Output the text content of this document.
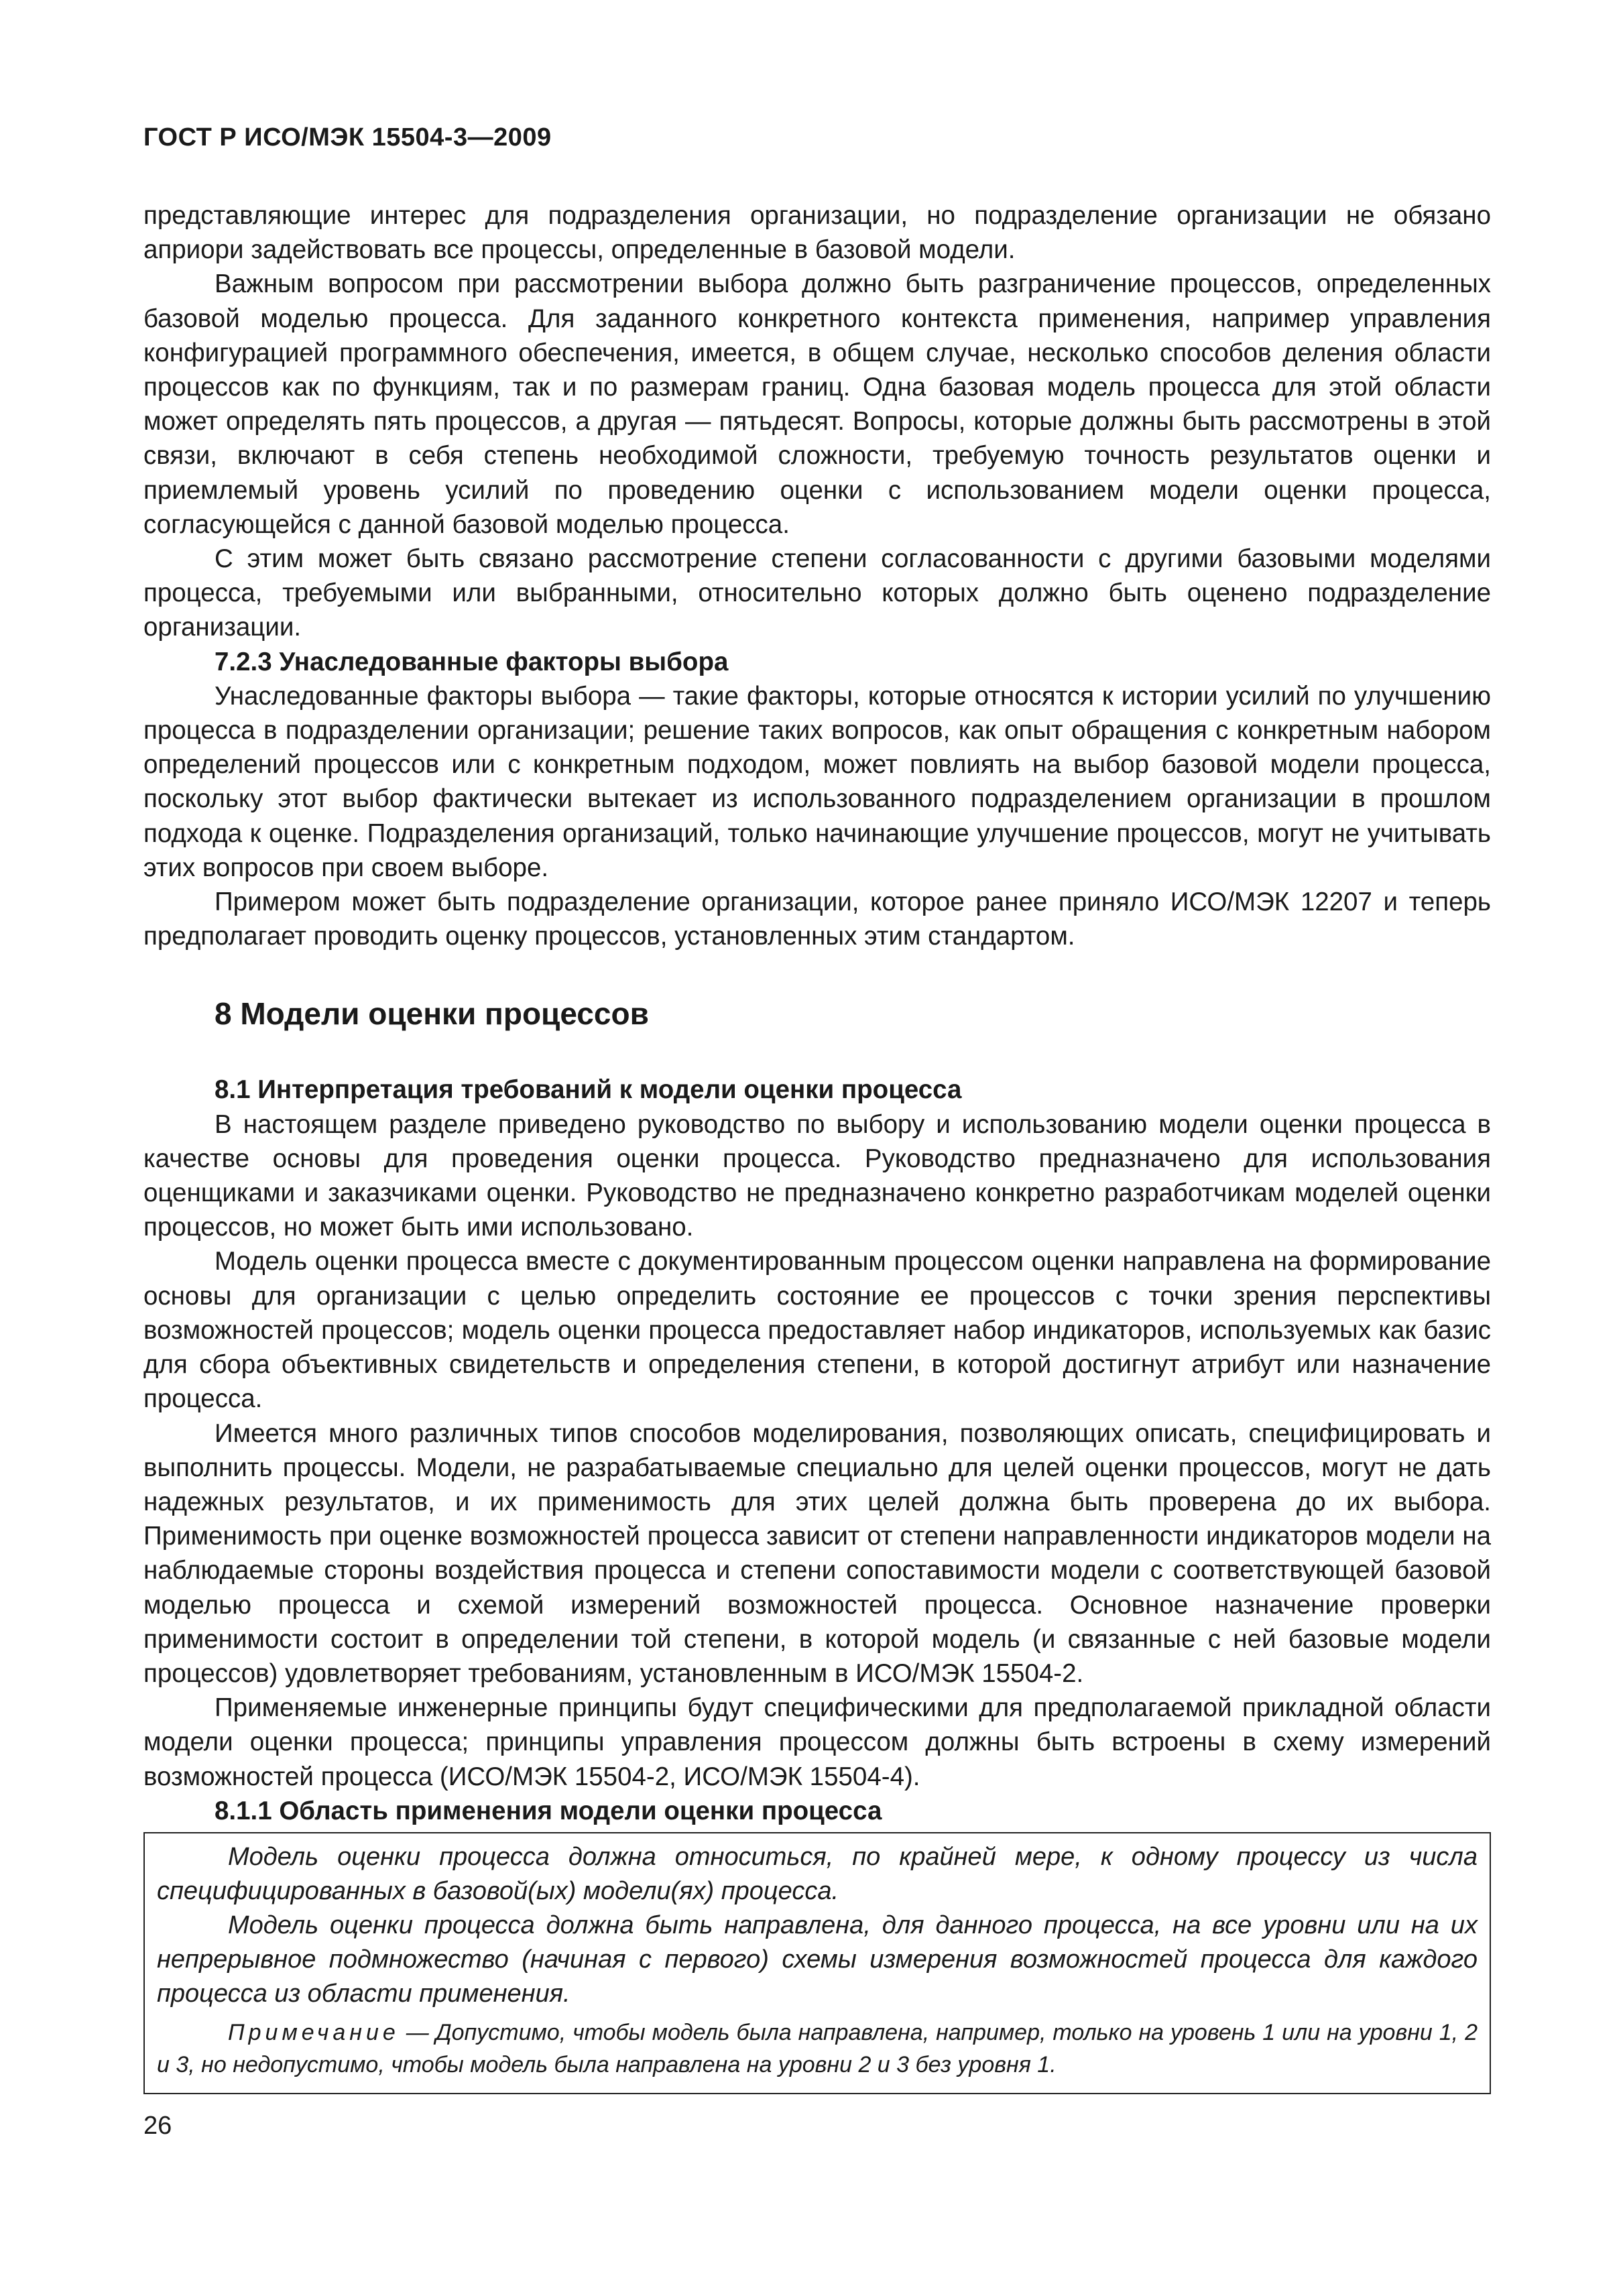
ГОСТ Р ИСО/МЭК 15504-3—2009

представляющие интерес для подразделения организации, но подразделение организации не обязано априори задействовать все процессы, определенные в базовой модели.

Важным вопросом при рассмотрении выбора должно быть разграничение процессов, определенных базовой моделью процесса. Для заданного конкретного контекста применения, например управления конфигурацией программного обеспечения, имеется, в общем случае, несколько способов деления области процессов как по функциям, так и по размерам границ. Одна базовая модель процесса для этой области может определять пять процессов, а другая — пятьдесят. Вопросы, которые должны быть рассмотрены в этой связи, включают в себя степень необходимой сложности, требуемую точность результатов оценки и приемлемый уровень усилий по проведению оценки с использованием модели оценки процесса, согласующейся с данной базовой моделью процесса.

С этим может быть связано рассмотрение степени согласованности с другими базовыми моделями процесса, требуемыми или выбранными, относительно которых должно быть оценено подразделение организации.

7.2.3 Унаследованные факторы выбора

Унаследованные факторы выбора — такие факторы, которые относятся к истории усилий по улучшению процесса в подразделении организации; решение таких вопросов, как опыт обращения с конкретным набором определений процессов или с конкретным подходом, может повлиять на выбор базовой модели процесса, поскольку этот выбор фактически вытекает из использованного подразделением организации в прошлом подхода к оценке. Подразделения организаций, только начинающие улучшение процессов, могут не учитывать этих вопросов при своем выборе.

Примером может быть подразделение организации, которое ранее приняло ИСО/МЭК 12207 и теперь предполагает проводить оценку процессов, установленных этим стандартом.

8 Модели оценки процессов
8.1 Интерпретация требований к модели оценки процесса

В настоящем разделе приведено руководство по выбору и использованию модели оценки процесса в качестве основы для проведения оценки процесса. Руководство предназначено для использования оценщиками и заказчиками оценки. Руководство не предназначено конкретно разработчикам моделей оценки процессов, но может быть ими использовано.

Модель оценки процесса вместе с документированным процессом оценки направлена на формирование основы для организации с целью определить состояние ее процессов с точки зрения перспективы возможностей процессов; модель оценки процесса предоставляет набор индикаторов, используемых как базис для сбора объективных свидетельств и определения степени, в которой достигнут атрибут или назначение процесса.

Имеется много различных типов способов моделирования, позволяющих описать, специфицировать и выполнить процессы. Модели, не разрабатываемые специально для целей оценки процессов, могут не дать надежных результатов, и их применимость для этих целей должна быть проверена до их выбора. Применимость при оценке возможностей процесса зависит от степени направленности индикаторов модели на наблюдаемые стороны воздействия процесса и степени сопоставимости модели с соответствующей базовой моделью процесса и схемой измерений возможностей процесса. Основное назначение проверки применимости состоит в определении той степени, в которой модель (и связанные с ней базовые модели процессов) удовлетворяет требованиям, установленным в ИСО/МЭК 15504-2.

Применяемые инженерные принципы будут специфическими для предполагаемой прикладной области модели оценки процесса; принципы управления процессом должны быть встроены в схему измерений возможностей процесса (ИСО/МЭК 15504-2, ИСО/МЭК 15504-4).

8.1.1 Область применения модели оценки процесса

Модель оценки процесса должна относиться, по крайней мере, к одному процессу из числа специфицированных в базовой(ых) модели(ях) процесса.

Модель оценки процесса должна быть направлена, для данного процесса, на все уровни или на их непрерывное подмножество (начиная с первого) схемы измерения возможностей процесса для каждого процесса из области применения.

Примечание — Допустимо, чтобы модель была направлена, например, только на уровень 1 или на уровни 1, 2 и 3, но недопустимо, чтобы модель была направлена на уровни 2 и 3 без уровня 1.

26
